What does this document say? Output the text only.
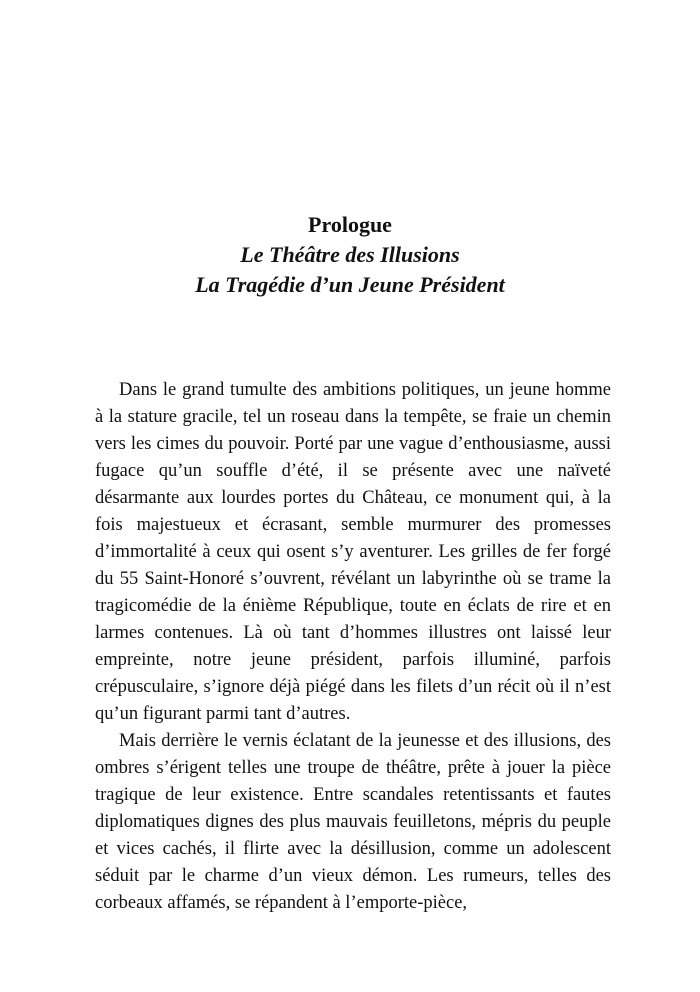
Prologue

Le Théâtre des Illusions

La Tragédie d’un Jeune Président

Dans le grand tumulte des ambitions politiques, un jeune homme à la stature gracile, tel un roseau dans la tempête, se fraie un chemin vers les cimes du pouvoir. Porté par une vague d’enthousiasme, aussi fugace qu’un souffle d’été, il se présente avec une naïveté désarmante aux lourdes portes du Château, ce monument qui, à la fois majestueux et écrasant, semble murmurer des promesses d’immortalité à ceux qui osent s’y aventurer. Les grilles de fer forgé du 55 Saint-Honoré s’ouvrent, révélant un labyrinthe où se trame la tragicomédie de la énième République, toute en éclats de rire et en larmes contenues. Là où tant d’hommes illustres ont laissé leur empreinte, notre jeune président, parfois illuminé, parfois crépusculaire, s’ignore déjà piégé dans les filets d’un récit où il n’est qu’un figurant parmi tant d’autres.

Mais derrière le vernis éclatant de la jeunesse et des illusions, des ombres s’érigent telles une troupe de théâtre, prête à jouer la pièce tragique de leur existence. Entre scandales retentissants et fautes diplomatiques dignes des plus mauvais feuilletons, mépris du peuple et vices cachés, il flirte avec la désillusion, comme un adolescent séduit par le charme d’un vieux démon. Les rumeurs, telles des corbeaux affamés, se répandent à l’emporte-pièce,
